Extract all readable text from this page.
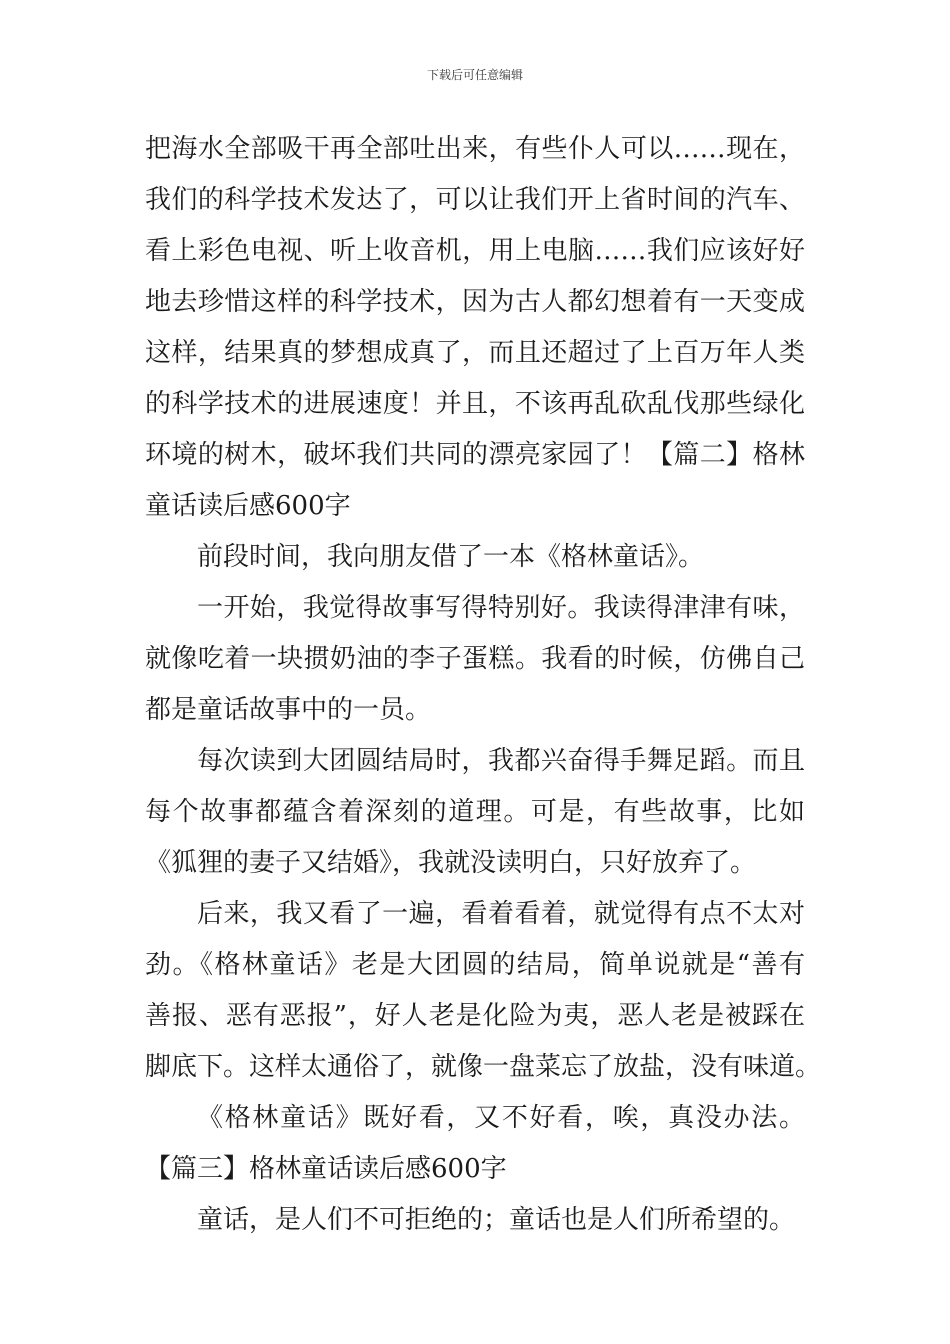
下载后可任意编辑
把海水全部吸干再全部吐出来，有些仆人可以……现在，
我们的科学技术发达了，可以让我们开上省时间的汽车、
看上彩色电视、听上收音机，用上电脑……我们应该好好
地去珍惜这样的科学技术，因为古人都幻想着有一天变成
这样，结果真的梦想成真了，而且还超过了上百万年人类
的科学技术的进展速度！并且，不该再乱砍乱伐那些绿化
环境的树木，破坏我们共同的漂亮家园了！【篇二】格林
童话读后感600字
前段时间，我向朋友借了一本《格林童话》。
一开始，我觉得故事写得特别好。我读得津津有味，
就像吃着一块掼奶油的李子蛋糕。我看的时候，仿佛自己
都是童话故事中的一员。
每次读到大团圆结局时，我都兴奋得手舞足蹈。而且
每个故事都蕴含着深刻的道理。可是，有些故事，比如
《狐狸的妻子又结婚》，我就没读明白，只好放弃了。
后来，我又看了一遍，看着看着，就觉得有点不太对
劲。《格林童话》老是大团圆的结局，简单说就是“善有
善报、恶有恶报”，好人老是化险为夷，恶人老是被踩在
脚底下。这样太通俗了，就像一盘菜忘了放盐，没有味道。
《格林童话》既好看，又不好看，唉，真没办法。
【篇三】格林童话读后感600字
童话，是人们不可拒绝的；童话也是人们所希望的。
